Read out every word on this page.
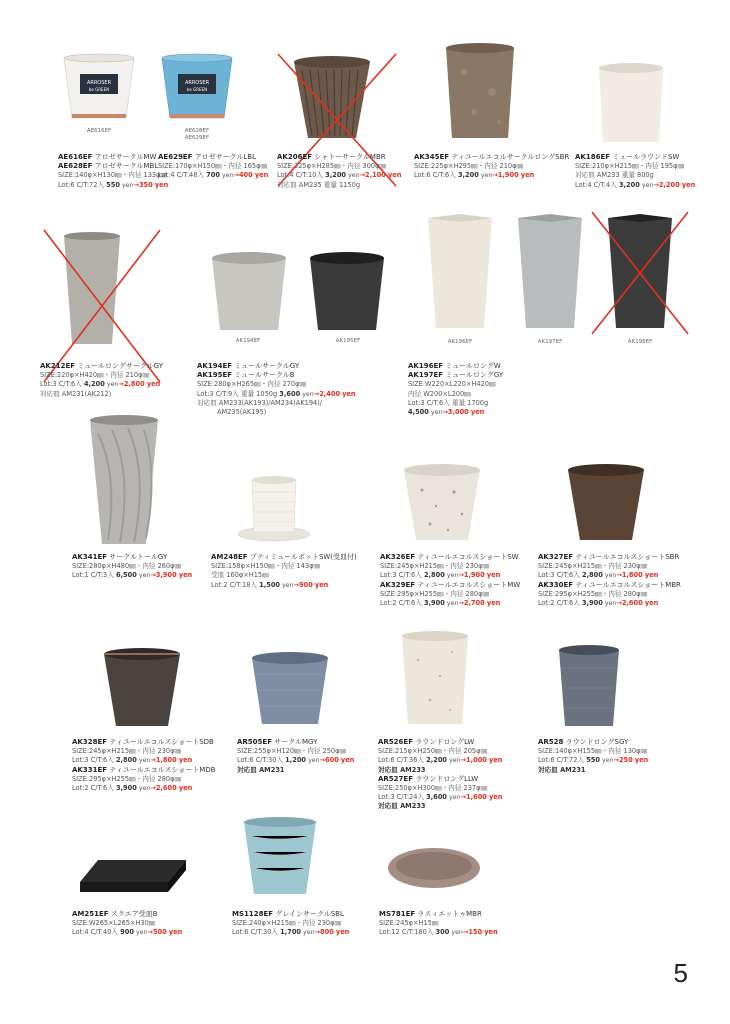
ARROSER
be GREEN
AE616EF
ARROSER
be GREEN
AE628EF
AE629EF
AE616EF アロゼサークルMW
AE628EF アロゼサークルMBL
SIZE:140φ×H130㎜・内径 133φ㎜
Lot:6 C/T:72入 550 yen→350 yen
AE629EF アロゼサークルLBL
SIZE:170φ×H150㎜・内径 165φ㎜
Lot:4 C/T:48入 700 yen→400 yen
AK206EF シャトーサークルMBR
SIZE:325φ×H285㎜・内径 300φ㎜
Lot:4 C/T:10入 3,200 yen→2,100 yen
対応皿 AM235 重量 1150g
AK345EF ティユールエコルサークルロングSBR
SIZE:225φ×H295㎜・内径 210φ㎜
Lot:6 C/T:6入 3,200 yen→1,900 yen
AK186EF ミュールラウンドSW
SIZE:210φ×H215㎜・内径 195φ㎜
対応皿 AM233 重量 800g
Lot:4 C/T:4入 3,200 yen→2,200 yen
AK194EF	AK195EF	AK196EF	AK197EF	AK198EF
AK212EF ミュールロングサークルGY
SIZE:220φ×H420㎜・内径 210φ㎜
Lot:3 C/T:6入 4,200 yen→2,800 yen
対応皿 AM231(AK212)
AK194EF ミュールサークルGY
AK195EF ミュールサークルB
SIZE:280φ×H265㎜・内径 270φ㎜
Lot:3 C/T:9入 重量 1050g 3,600 yen→2,400 yen
対応皿 AM233(AK193)/AM234(AK194)/
AM235(AK195)
AK196EF ミュールロングW
AK197EF ミュールロングGY
SIZE:W220×L220×H420㎜
内径 W200×L200㎜
Lot:3 C/T:6入 重量 1700g
4,500 yen→3,000 yen
AK341EF サークルトールGY
SIZE:280φ×H480㎜・内径 260φ㎜
Lot:1 C/T:3入 6,500 yen→3,900 yen
AM248EF プティミュールポットSW(受皿付)
SIZE:158φ×H150㎜・内径 143φ㎜
受皿 160φ×H15㎜
Lot:2 C/T:18入 1,500 yen→900 yen
AK326EF ティユールエコルスショートSW
SIZE:245φ×H215㎜・内径 230φ㎜
Lot:3 C/T:6入 2,800 yen→1,900 yen
AK329EF ティユールエコルスショートMW
SIZE:295φ×H255㎜・内径 280φ㎜
Lot:2 C/T:6入 3,900 yen→2,700 yen
AK327EF ティユールエコルスショートSBR
SIZE:245φ×H215㎜・内径 230φ㎜
Lot:3 C/T:6入 2,800 yen→1,800 yen
AK330EF ティユールエコルスショートMBR
SIZE:295φ×H255㎜・内径 280φ㎜
Lot:2 C/T:6入 3,900 yen→2,600 yen
AK328EF ティユールエコルスショートSDB
SIZE:245φ×H215㎜・内径 230φ㎜
Lot:3 C/T:6入 2,800 yen→1,800 yen
AK331EF ティユールエコルスショートMDB
SIZE:295φ×H255㎜・内径 280φ㎜
Lot:2 C/T:6入 3,900 yen→2,600 yen
AR505EF サークルMGY
SIZE:255φ×H120㎜・内径 250φ㎜
Lot:6 C/T:30入 1,200 yen→600 yen
対応皿 AM231
AR526EF ラウンドロングLW
SIZE:215φ×H250㎜・内径 205φ㎜
Lot:6 C/T:36入 2,200 yen→1,000 yen
対応皿 AM233
AR527EF ラウンドロングLLW
SIZE:250φ×H300㎜・内径 237φ㎜
Lot:3 C/T:24入 3,600 yen→1,600 yen
対応皿 AM233
AR528 ラウンドロングSGY
SIZE:140φ×H155㎜・内径 130φ㎜
Lot:6 C/T:72入 550 yen→250 yen
対応皿 AM231
AM251EF スクエア受皿B
SIZE:W265×L265×H30㎜
Lot:4 C/T:40入 900 yen→500 yen
MS1128EF グレインサークルSBL
SIZE:240φ×H215㎜・内径 230φ㎜
Lot:6 C/T:30入 1,700 yen→800 yen
MS781EF ラスィエットゥMBR
SIZE:245φ×H15㎜
Lot:12 C/T:180入 300 yen→150 yen
5
